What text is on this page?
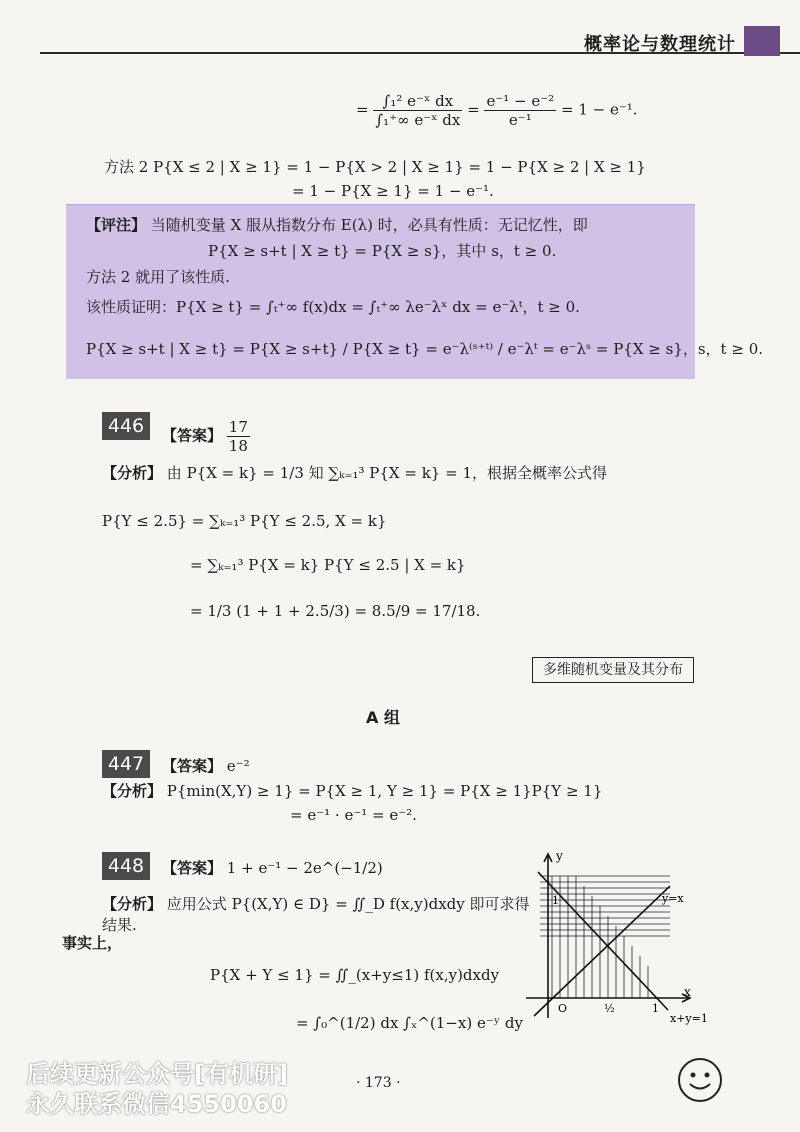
概率论与数理统计
= $\frac{\text{∫₁² e⁻ˣ dx}}{\text{∫₁⁺∞ e⁻ˣ dx}} = \frac{\text{e⁻¹ − e⁻²}}{\text{e⁻¹}} = 1 - e^{-1}$.
方法 2 P{X ≤ 2 | X ≥ 1} = 1 − P{X > 2 | X ≥ 1} = 1 − P{X ≥ 2 | X ≥ 1}
= 1 − P{X ≥ 1} = 1 − e⁻¹.
【评注】 当随机变量 X 服从指数分布 E(λ) 时，必具有性质：无记忆性，即
P{X ≥ s+t | X ≥ t} = P{X ≥ s}，其中 s，t ≥ 0.
方法 2 就用了该性质.
该性质证明：P{X ≥ t} = ∫ₜ⁺∞ f(x)dx = ∫ₜ⁺∞ λe⁻λˣ dx = e⁻λᵗ，t ≥ 0.
P{X ≥ s+t | X ≥ t} = P{X ≥ s+t} / P{X ≥ t} = e⁻λ⁽ˢ⁺ᵗ⁾ / e⁻λᵗ = e⁻λˢ = P{X ≥ s}，s，t ≥ 0.
446	【答案】 $\frac{17}{18}$
【分析】 由 P{X = k} = 1/3 知 ∑ₖ₌₁³ P{X = k} = 1，根据全概率公式得
P{Y ≤ 2.5} = ∑ₖ₌₁³ P{Y ≤ 2.5, X = k}
= ∑ₖ₌₁³ P{X = k} P{Y ≤ 2.5 | X = k}
= 1/3 (1 + 1 + 2.5/3) = 8.5/9 = 17/18.
多维随机变量及其分布
A 组
447	【答案】 e⁻²
【分析】 P{min(X,Y) ≥ 1} = P{X ≥ 1, Y ≥ 1} = P{X ≥ 1}P{Y ≥ 1}
= e⁻¹ · e⁻¹ = e⁻².
448	【答案】 1 + e⁻¹ − 2e^(−1/2)
【分析】 应用公式 P{(X,Y) ∈ D} = ∬_D f(x,y)dxdy 即可求得结果.
事实上，
P{X + Y ≤ 1} = ∬_(x+y≤1) f(x,y)dxdy
= ∫₀^(1/2) dx ∫ₓ^(1−x) e⁻ʸ dy
y
x
O
y=x
x+y=1
1
1
½
· 173 ·
后续更新公众号[有机研]
永久联系微信4550060
